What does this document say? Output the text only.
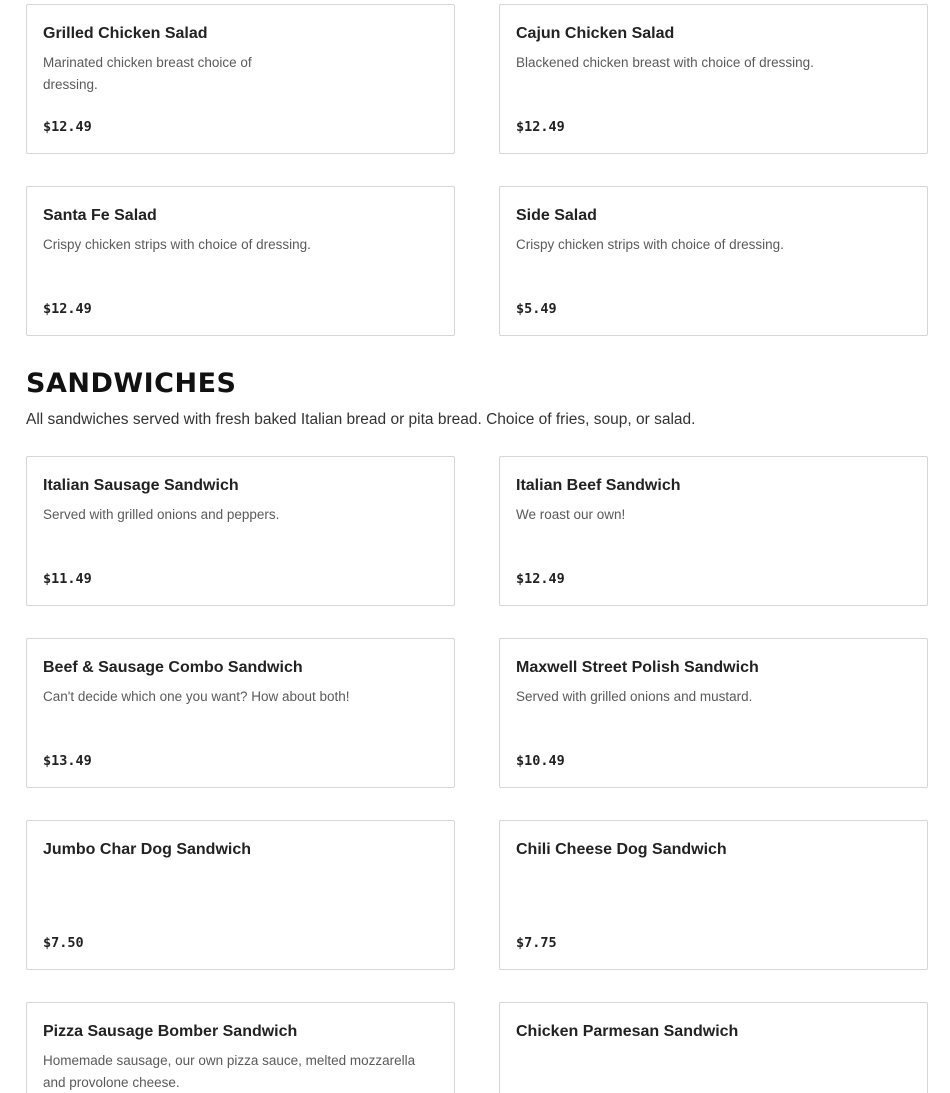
Grilled Chicken Salad
Marinated chicken breast choice of dressing.
$12.49
Cajun Chicken Salad
Blackened chicken breast with choice of dressing.
$12.49
Santa Fe Salad
Crispy chicken strips with choice of dressing.
$12.49
Side Salad
Crispy chicken strips with choice of dressing.
$5.49
SANDWICHES
All sandwiches served with fresh baked Italian bread or pita bread. Choice of fries, soup, or salad.
Italian Sausage Sandwich
Served with grilled onions and peppers.
$11.49
Italian Beef Sandwich
We roast our own!
$12.49
Beef & Sausage Combo Sandwich
Can't decide which one you want? How about both!
$13.49
Maxwell Street Polish Sandwich
Served with grilled onions and mustard.
$10.49
Jumbo Char Dog Sandwich
$7.50
Chili Cheese Dog Sandwich
$7.75
Pizza Sausage Bomber Sandwich
Homemade sausage, our own pizza sauce, melted mozzarella and provolone cheese.
Chicken Parmesan Sandwich
